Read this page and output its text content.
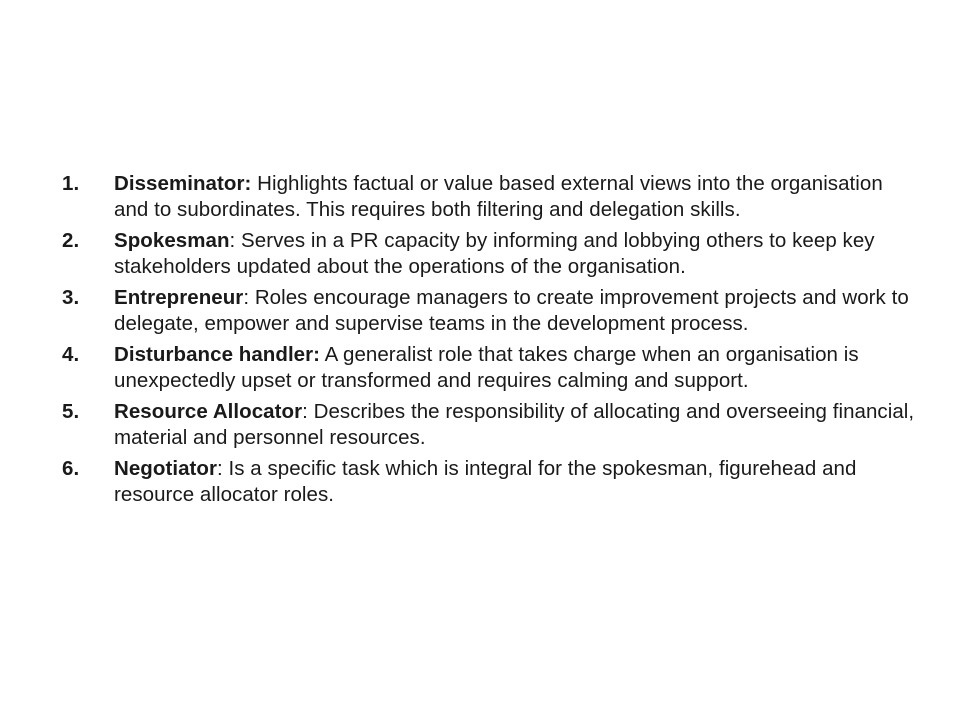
1. Disseminator: Highlights factual or value based external views into the organisation and to subordinates. This requires both filtering and delegation skills.
2. Spokesman: Serves in a PR capacity by informing and lobbying others to keep key stakeholders updated about the operations of the organisation.
3. Entrepreneur: Roles encourage managers to create improvement projects and work to delegate, empower and supervise teams in the development process.
4. Disturbance handler: A generalist role that takes charge when an organisation is unexpectedly upset or transformed and requires calming and support.
5. Resource Allocator: Describes the responsibility of allocating and overseeing financial, material and personnel resources.
6. Negotiator: Is a specific task which is integral for the spokesman, figurehead and resource allocator roles.
